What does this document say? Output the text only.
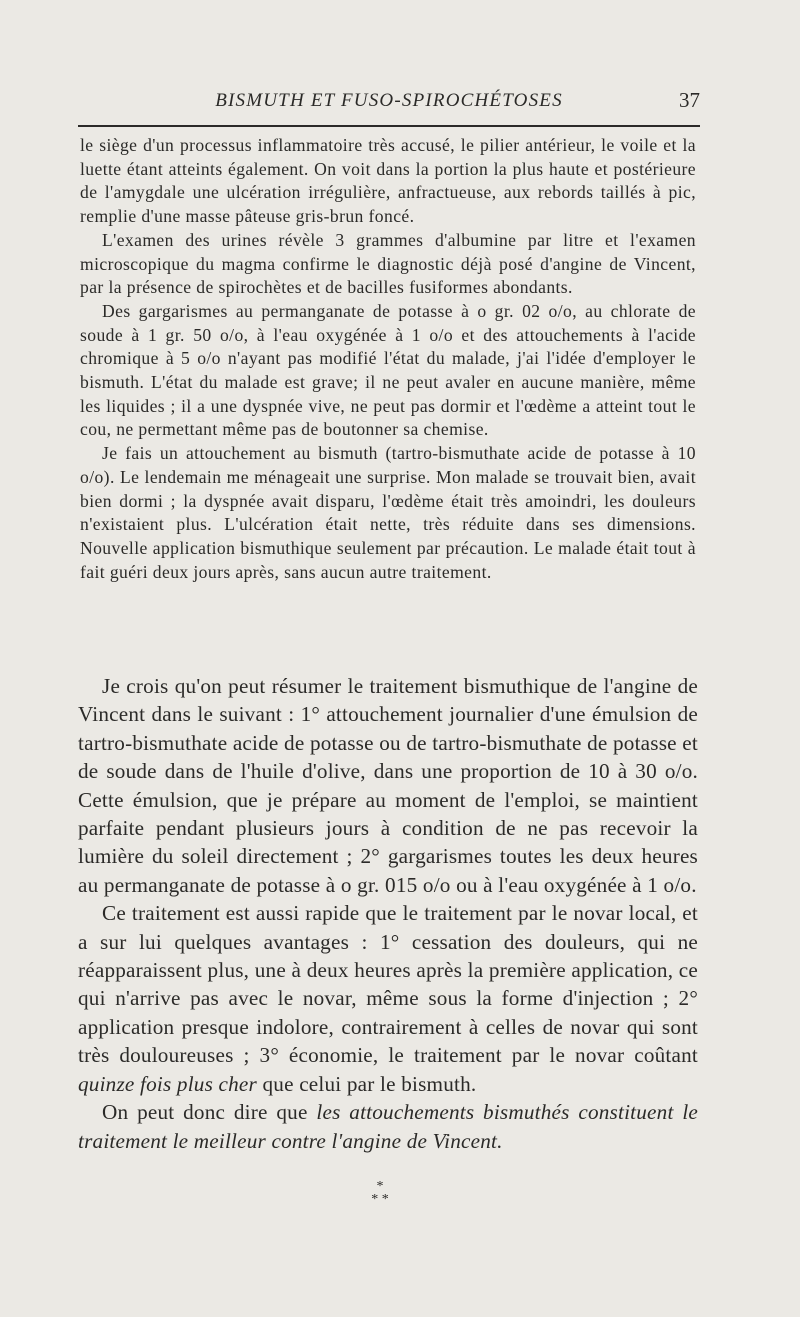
BISMUTH ET FUSO-SPIROCHÉTOSES	37

le siège d'un processus inflammatoire très accusé, le pilier antérieur, le voile et la luette étant atteints également. On voit dans la portion la plus haute et postérieure de l'amygdale une ulcération irrégulière, anfractueuse, aux rebords taillés à pic, remplie d'une masse pâteuse gris-brun foncé.

L'examen des urines révèle 3 grammes d'albumine par litre et l'examen microscopique du magma confirme le diagnostic déjà posé d'angine de Vincent, par la présence de spirochètes et de bacilles fusiformes abondants.

Des gargarismes au permanganate de potasse à o gr. 02 o/o, au chlorate de soude à 1 gr. 50 o/o, à l'eau oxygénée à 1 o/o et des attouchements à l'acide chromique à 5 o/o n'ayant pas modifié l'état du malade, j'ai l'idée d'employer le bismuth. L'état du malade est grave; il ne peut avaler en aucune manière, même les liquides ; il a une dyspnée vive, ne peut pas dormir et l'œdème a atteint tout le cou, ne permettant même pas de boutonner sa chemise.

Je fais un attouchement au bismuth (tartro-bismuthate acide de potasse à 10 o/o). Le lendemain me ménageait une surprise. Mon malade se trouvait bien, avait bien dormi ; la dyspnée avait disparu, l'œdème était très amoindri, les douleurs n'existaient plus. L'ulcération était nette, très réduite dans ses dimensions. Nouvelle application bismuthique seulement par précaution. Le malade était tout à fait guéri deux jours après, sans aucun autre traitement.

Je crois qu'on peut résumer le traitement bismuthique de l'angine de Vincent dans le suivant : 1° attouchement journalier d'une émulsion de tartro-bismuthate acide de potasse ou de tartro-bismuthate de potasse et de soude dans de l'huile d'olive, dans une proportion de 10 à 30 o/o. Cette émulsion, que je prépare au moment de l'emploi, se maintient parfaite pendant plusieurs jours à condition de ne pas recevoir la lumière du soleil directement ; 2° gargarismes toutes les deux heures au permanganate de potasse à o gr. 015 o/o ou à l'eau oxygénée à 1 o/o.

Ce traitement est aussi rapide que le traitement par le novar local, et a sur lui quelques avantages : 1° cessation des douleurs, qui ne réapparaissent plus, une à deux heures après la première application, ce qui n'arrive pas avec le novar, même sous la forme d'injection ; 2° application presque indolore, contrairement à celles de novar qui sont très douloureuses ; 3° économie, le traitement par le novar coûtant quinze fois plus cher que celui par le bismuth.

On peut donc dire que les attouchements bismuthés constituent le traitement le meilleur contre l'angine de Vincent.

*
* *
